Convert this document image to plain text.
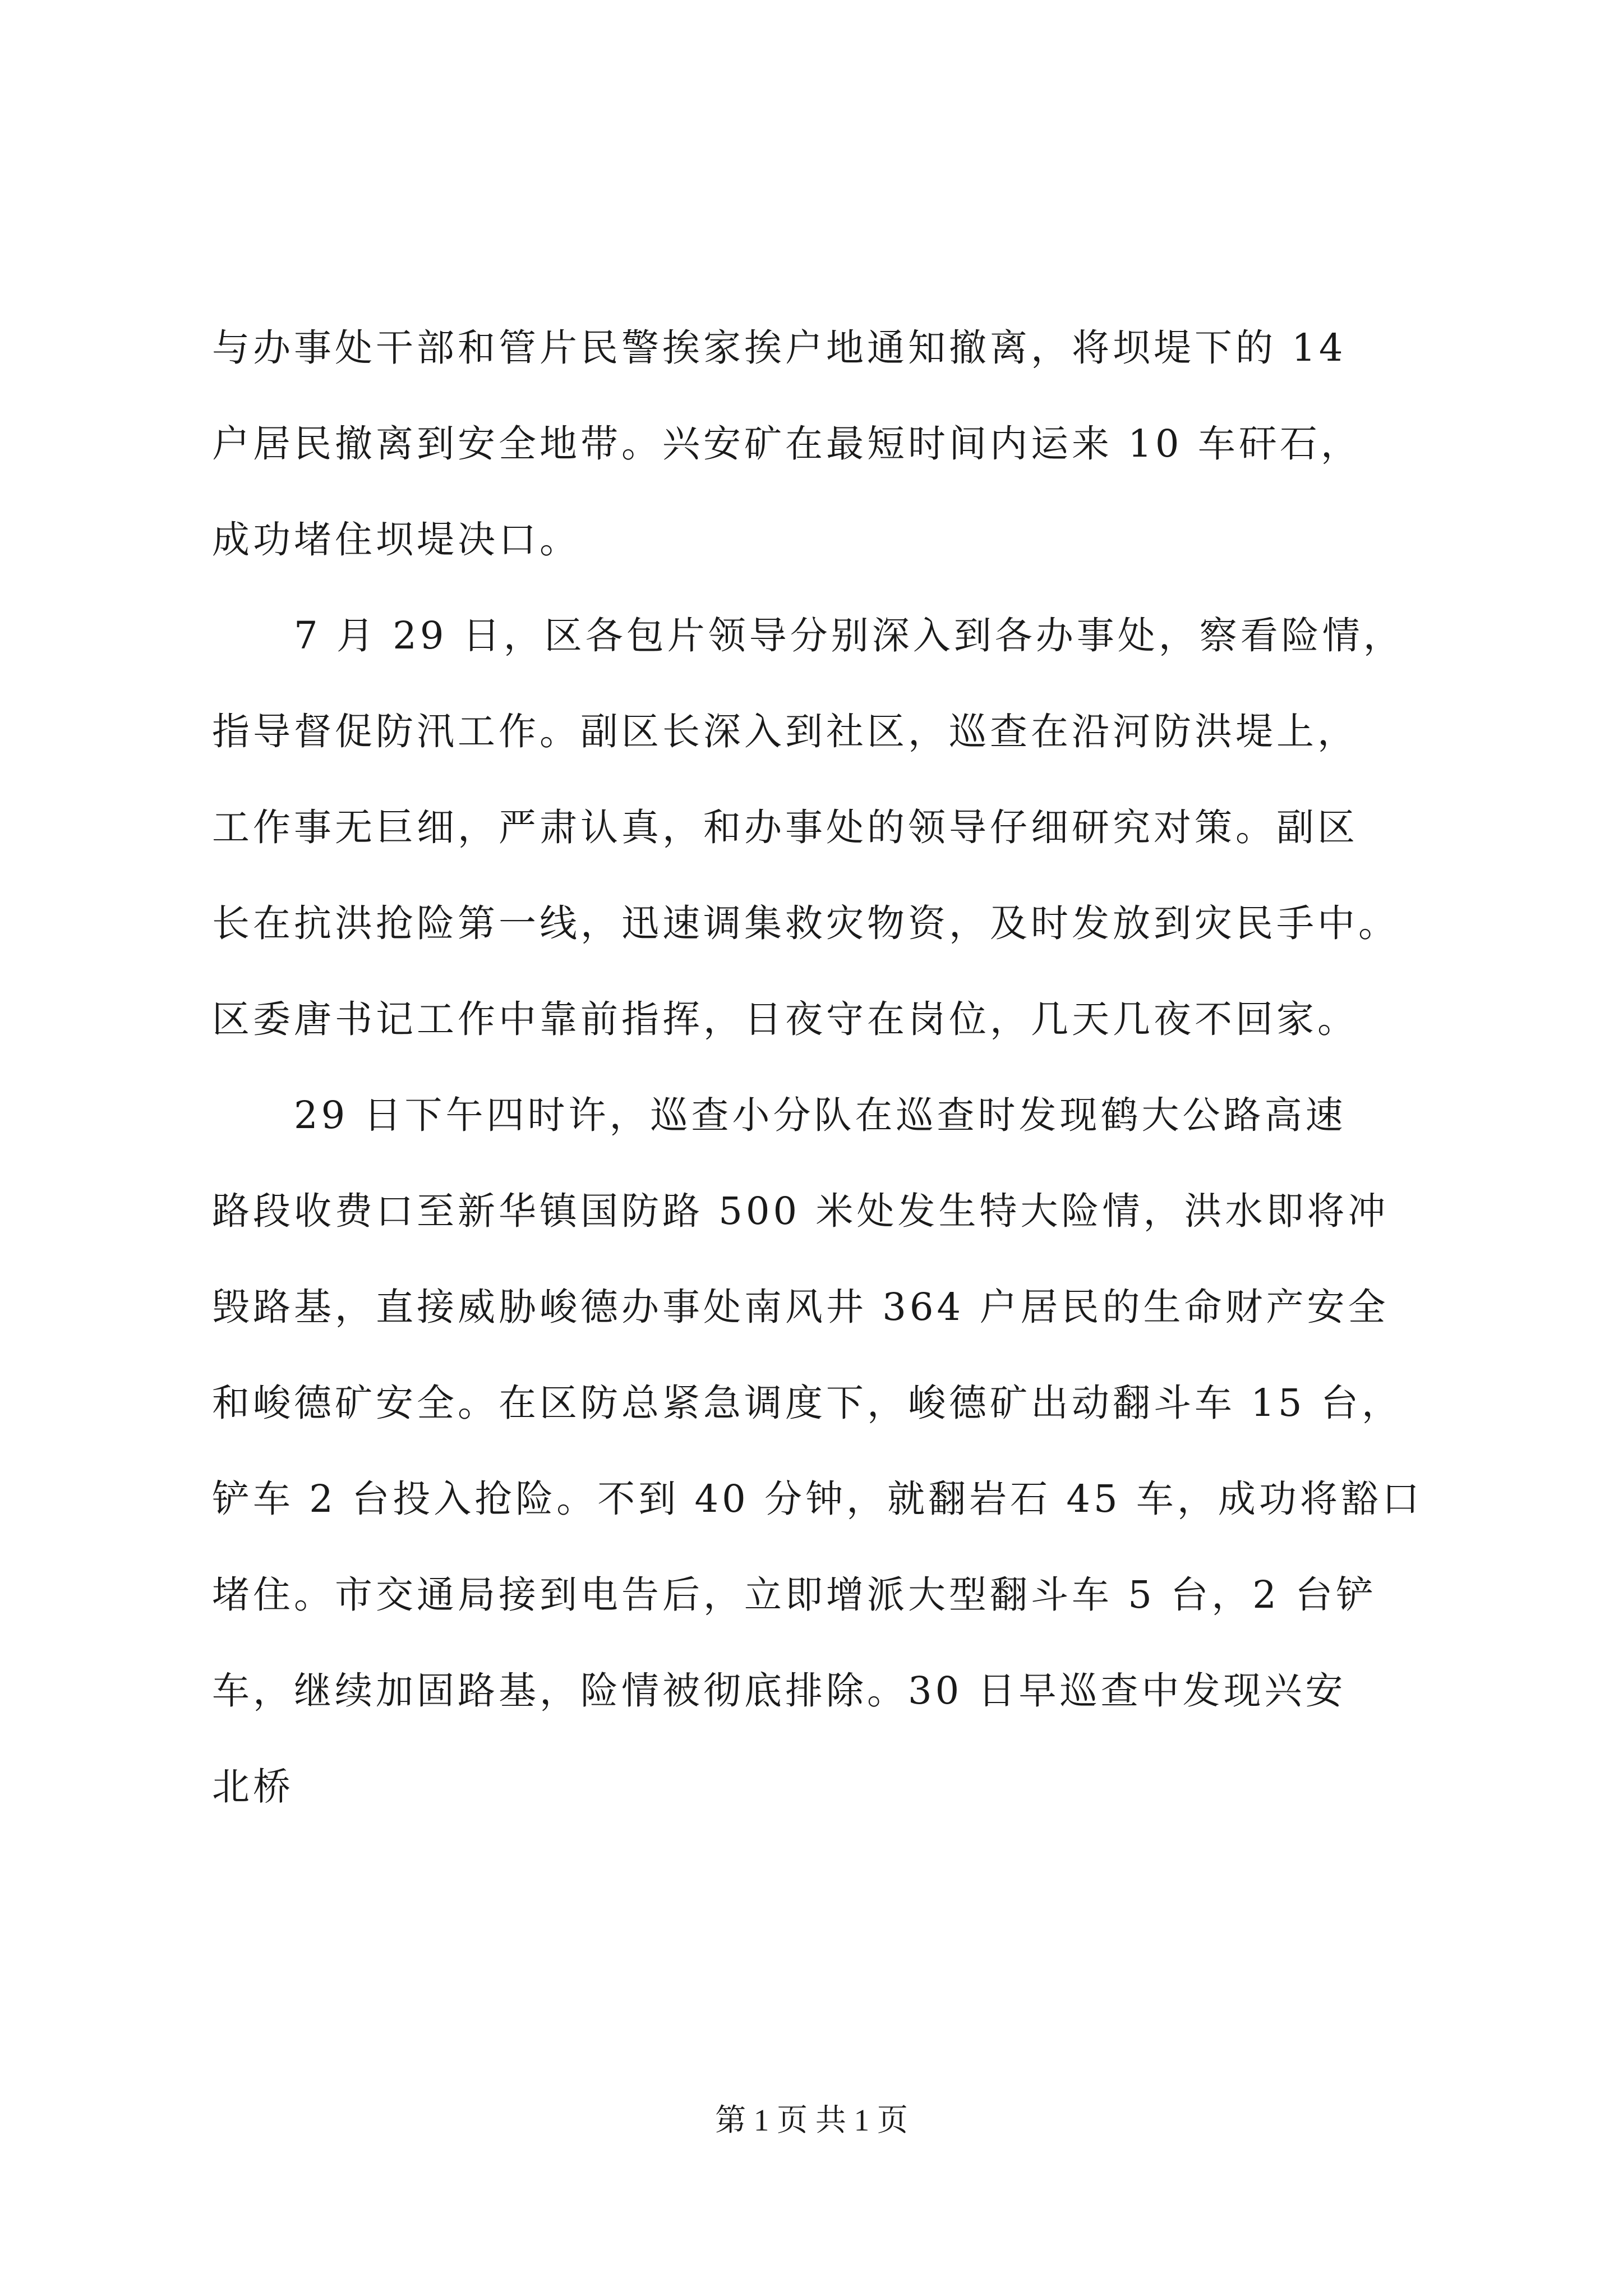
与办事处干部和管片民警挨家挨户地通知撤离，将坝堤下的 14
户居民撤离到安全地带。兴安矿在最短时间内运来 10 车矸石，
成功堵住坝堤决口。
　　7 月 29 日，区各包片领导分别深入到各办事处，察看险情，
指导督促防汛工作。副区长深入到社区，巡查在沿河防洪堤上，
工作事无巨细，严肃认真，和办事处的领导仔细研究对策。副区
长在抗洪抢险第一线，迅速调集救灾物资，及时发放到灾民手中。
区委唐书记工作中靠前指挥，日夜守在岗位，几天几夜不回家。
　　29 日下午四时许，巡查小分队在巡查时发现鹤大公路高速
路段收费口至新华镇国防路 500 米处发生特大险情，洪水即将冲
毁路基，直接威胁峻德办事处南风井 364 户居民的生命财产安全
和峻德矿安全。在区防总紧急调度下，峻德矿出动翻斗车 15 台，
铲车 2 台投入抢险。不到 40 分钟，就翻岩石 45 车，成功将豁口
堵住。市交通局接到电告后，立即增派大型翻斗车 5 台，2 台铲
车，继续加固路基，险情被彻底排除。30 日早巡查中发现兴安
北桥
第 1 页 共 1 页
